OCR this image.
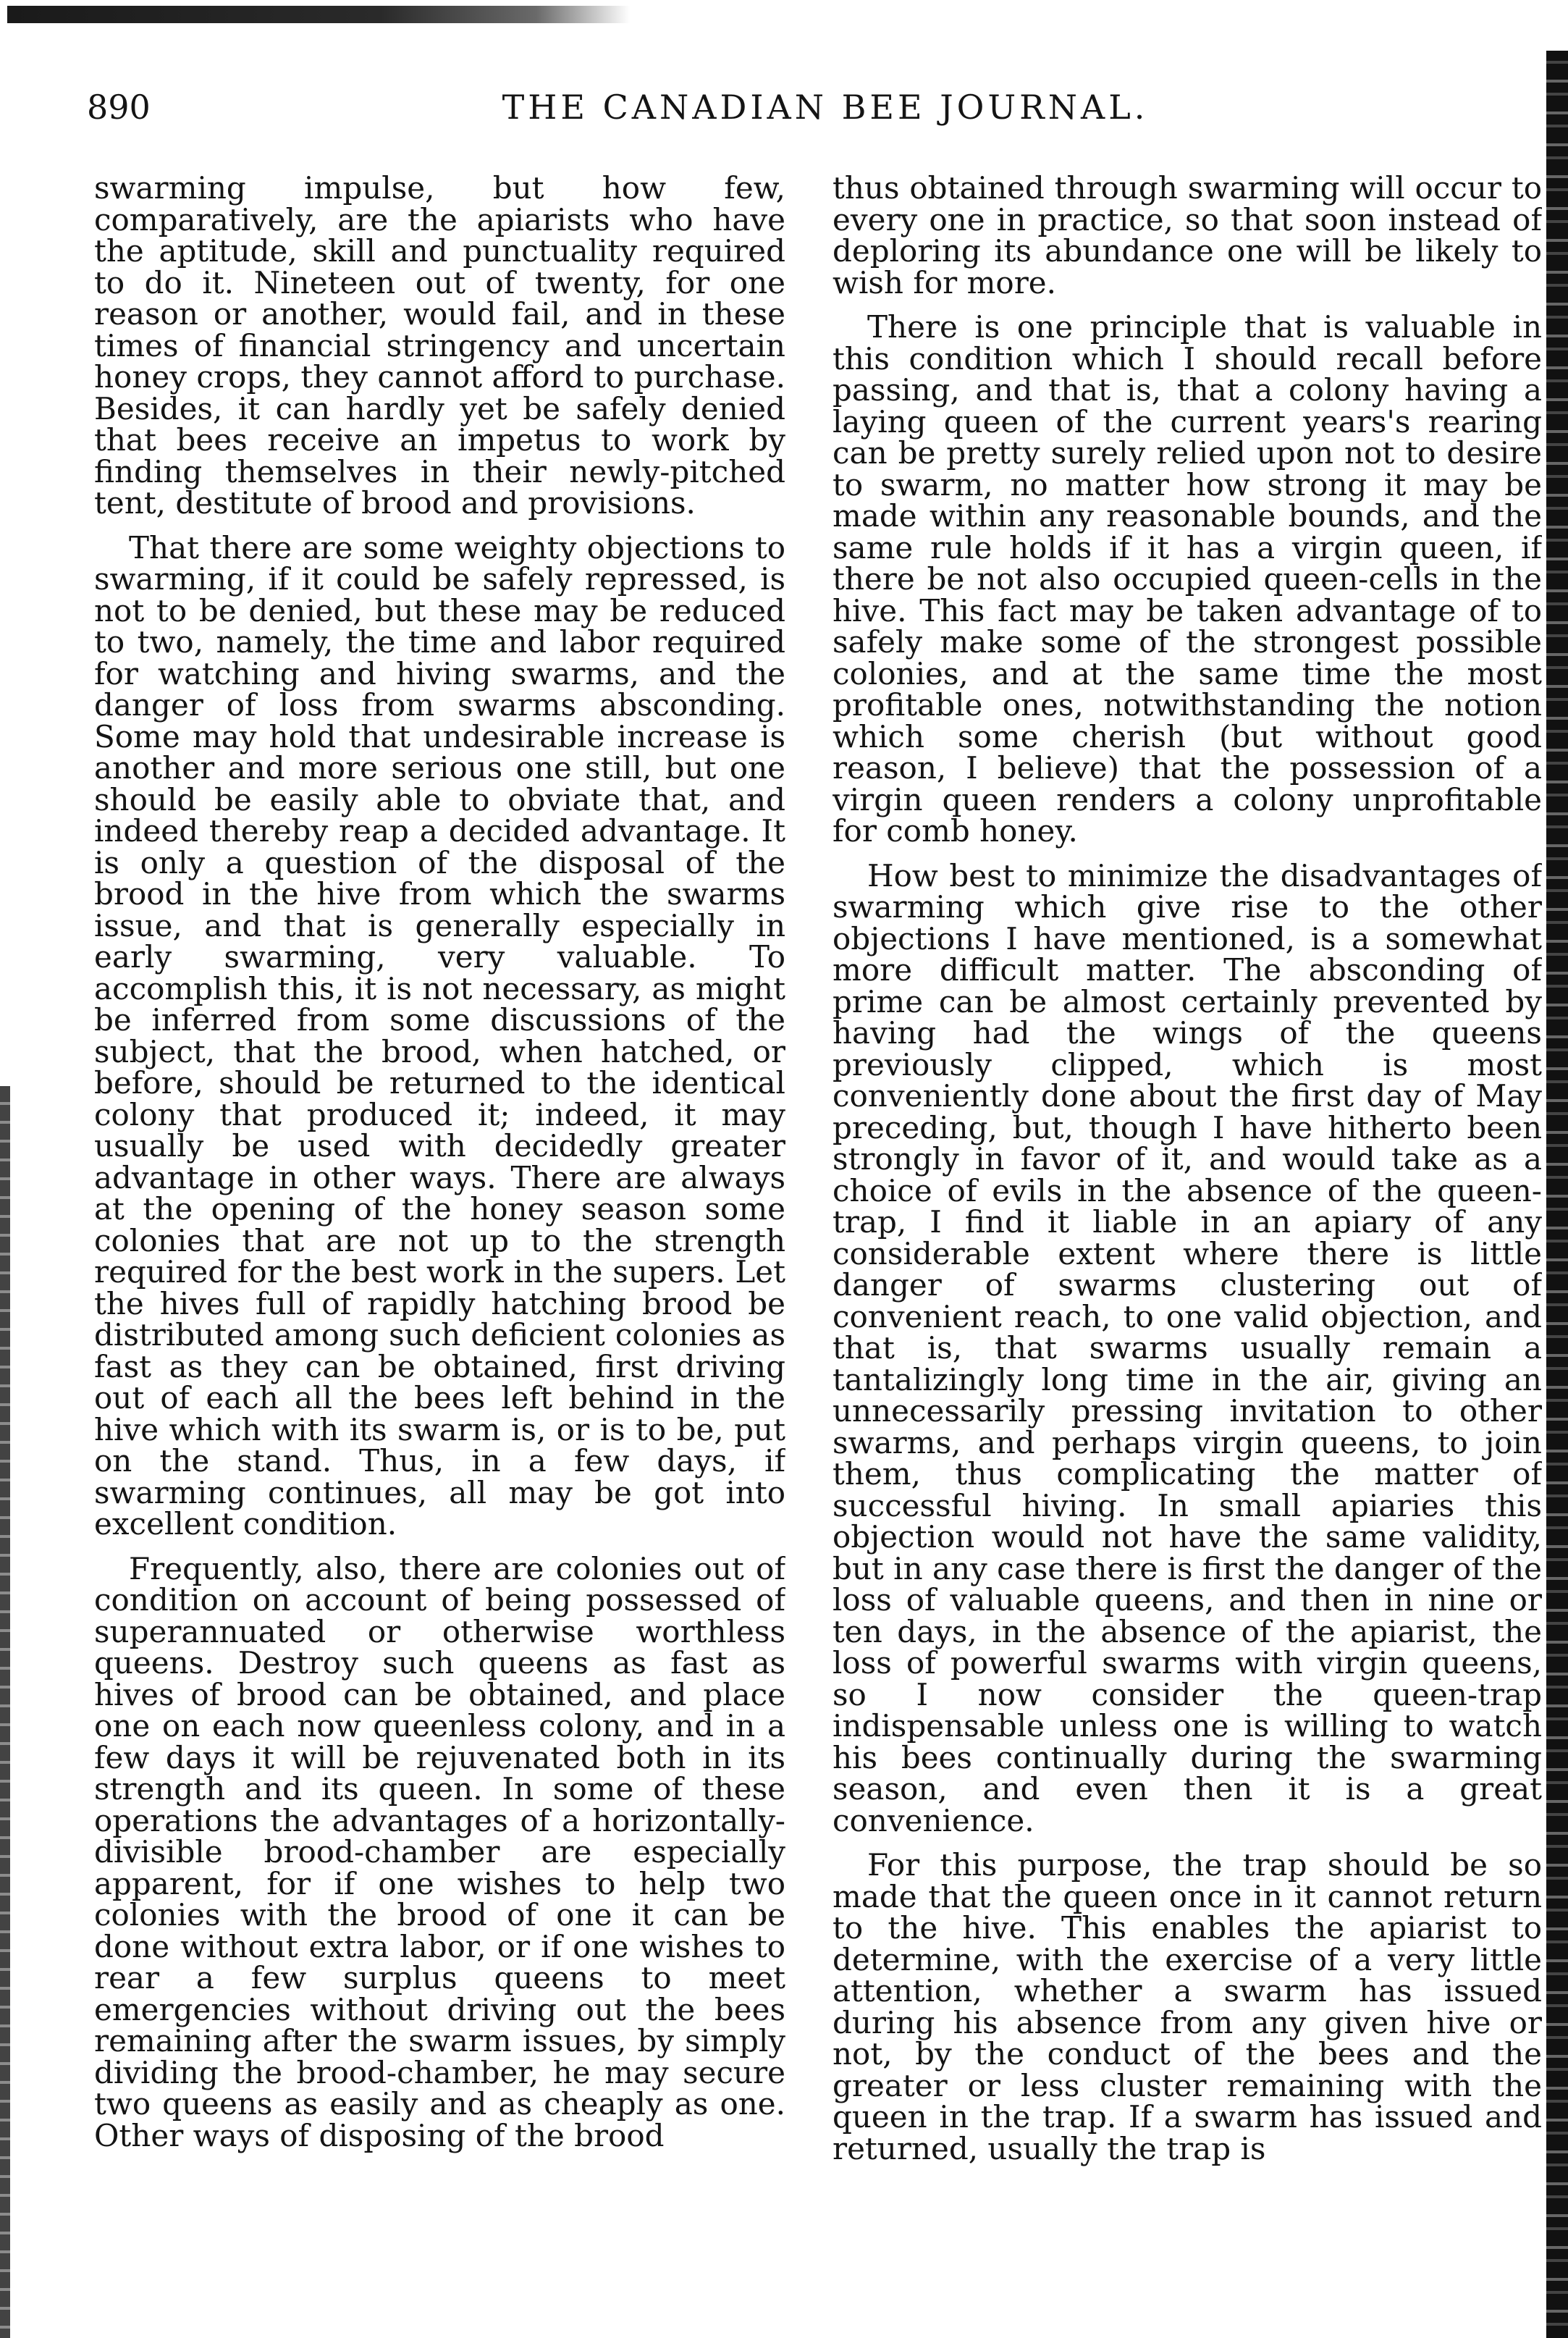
890	THE CANADIAN BEE JOURNAL.

swarming impulse, but how few, comparatively, are the apiarists who have the aptitude, skill and punctuality required to do it. Nineteen out of twenty, for one reason or another, would fail, and in these times of financial stringency and uncertain honey crops, they cannot afford to purchase. Besides, it can hardly yet be safely denied that bees receive an impetus to work by finding themselves in their newly-pitched tent, destitute of brood and provisions.

That there are some weighty objections to swarming, if it could be safely repressed, is not to be denied, but these may be reduced to two, namely, the time and labor required for watching and hiving swarms, and the danger of loss from swarms absconding. Some may hold that undesirable increase is another and more serious one still, but one should be easily able to obviate that, and indeed thereby reap a decided advantage. It is only a question of the disposal of the brood in the hive from which the swarms issue, and that is generally especially in early swarming, very valuable. To accomplish this, it is not necessary, as might be inferred from some discussions of the subject, that the brood, when hatched, or before, should be returned to the identical colony that produced it; indeed, it may usually be used with decidedly greater advantage in other ways. There are always at the opening of the honey season some colonies that are not up to the strength required for the best work in the supers. Let the hives full of rapidly hatching brood be distributed among such deficient colonies as fast as they can be obtained, first driving out of each all the bees left behind in the hive which with its swarm is, or is to be, put on the stand. Thus, in a few days, if swarming continues, all may be got into excellent condition.

Frequently, also, there are colonies out of condition on account of being possessed of superannuated or otherwise worthless queens. Destroy such queens as fast as hives of brood can be obtained, and place one on each now queenless colony, and in a few days it will be rejuvenated both in its strength and its queen. In some of these operations the advantages of a horizontally-divisible brood-chamber are especially apparent, for if one wishes to help two colonies with the brood of one it can be done without extra labor, or if one wishes to rear a few surplus queens to meet emergencies without driving out the bees remaining after the swarm issues, by simply dividing the brood-chamber, he may secure two queens as easily and as cheaply as one. Other ways of disposing of the brood

thus obtained through swarming will occur to every one in practice, so that soon instead of deploring its abundance one will be likely to wish for more.

There is one principle that is valuable in this condition which I should recall before passing, and that is, that a colony having a laying queen of the current years's rearing can be pretty surely relied upon not to desire to swarm, no matter how strong it may be made within any reasonable bounds, and the same rule holds if it has a virgin queen, if there be not also occupied queen-cells in the hive. This fact may be taken advantage of to safely make some of the strongest possible colonies, and at the same time the most profitable ones, notwithstanding the notion which some cherish (but without good reason, I believe) that the possession of a virgin queen renders a colony unprofitable for comb honey.

How best to minimize the disadvantages of swarming which give rise to the other objections I have mentioned, is a somewhat more difficult matter. The absconding of prime can be almost certainly prevented by having had the wings of the queens previously clipped, which is most conveniently done about the first day of May preceding, but, though I have hitherto been strongly in favor of it, and would take as a choice of evils in the absence of the queen-trap, I find it liable in an apiary of any considerable extent where there is little danger of swarms clustering out of convenient reach, to one valid objection, and that is, that swarms usually remain a tantalizingly long time in the air, giving an unnecessarily pressing invitation to other swarms, and perhaps virgin queens, to join them, thus complicating the matter of successful hiving. In small apiaries this objection would not have the same validity, but in any case there is first the danger of the loss of valuable queens, and then in nine or ten days, in the absence of the apiarist, the loss of powerful swarms with virgin queens, so I now consider the queen-trap indispensable unless one is willing to watch his bees continually during the swarming season, and even then it is a great convenience.

For this purpose, the trap should be so made that the queen once in it cannot return to the hive. This enables the apiarist to determine, with the exercise of a very little attention, whether a swarm has issued during his absence from any given hive or not, by the conduct of the bees and the greater or less cluster remaining with the queen in the trap. If a swarm has issued and returned, usually the trap is
